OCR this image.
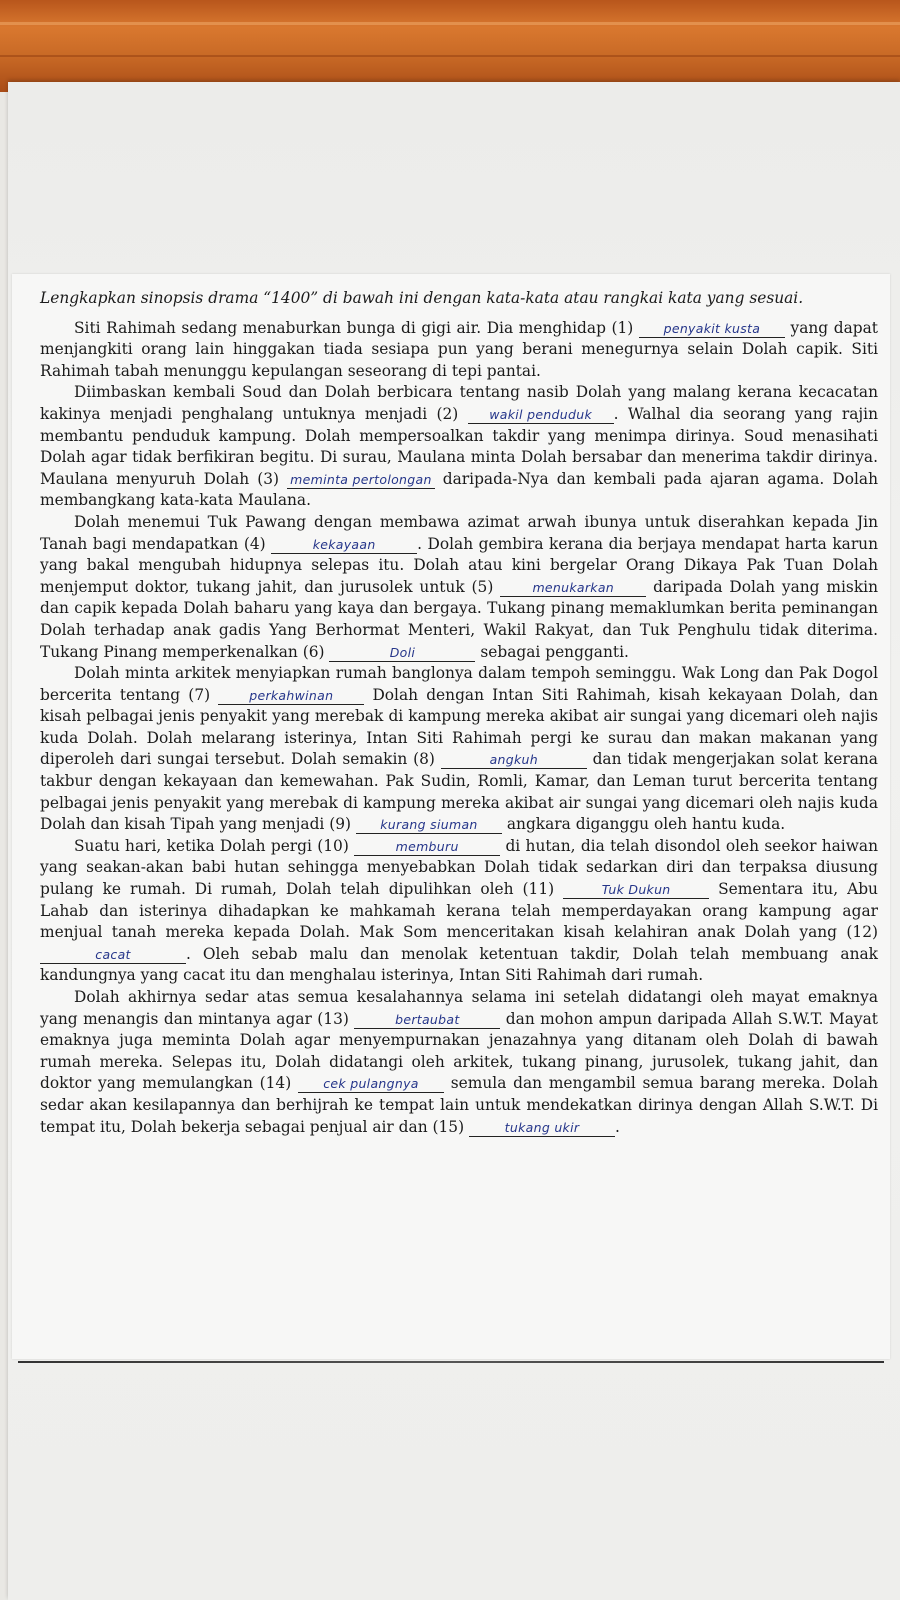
Lengkapkan sinopsis drama “1400” di bawah ini dengan kata-kata atau rangkai kata yang sesuai.

Siti Rahimah sedang menaburkan bunga di gigi air. Dia menghidap (1) penyakit kusta yang dapat menjangkiti orang lain hinggakan tiada sesiapa pun yang berani menegurnya selain Dolah capik. Siti Rahimah tabah menunggu kepulangan seseorang di tepi pantai.

Diimbaskan kembali Soud dan Dolah berbicara tentang nasib Dolah yang malang kerana kecacatan kakinya menjadi penghalang untuknya menjadi (2) wakil penduduk . Walhal dia seorang yang rajin membantu penduduk kampung. Dolah mempersoalkan takdir yang menimpa dirinya. Soud menasihati Dolah agar tidak berfikiran begitu. Di surau, Maulana minta Dolah bersabar dan menerima takdir dirinya. Maulana menyuruh Dolah (3) meminta pertolongan daripada-Nya dan kembali pada ajaran agama. Dolah membangkang kata-kata Maulana.

Dolah menemui Tuk Pawang dengan membawa azimat arwah ibunya untuk diserahkan kepada Jin Tanah bagi mendapatkan (4)	kekayaan	. Dolah gembira kerana dia berjaya mendapat harta karun yang bakal mengubah hidupnya selepas itu. Dolah atau kini bergelar Orang Dikaya Pak Tuan Dolah menjemput doktor, tukang jahit, dan jurusolek untuk (5)	menukarkan	daripada Dolah yang miskin dan capik kepada Dolah baharu yang kaya dan bergaya. Tukang pinang memaklumkan berita peminangan Dolah terhadap anak gadis Yang Berhormat Menteri, Wakil Rakyat, dan Tuk Penghulu tidak diterima. Tukang Pinang memperkenalkan (6)	Doli	sebagai pengganti.

Dolah minta arkitek menyiapkan rumah banglonya dalam tempoh seminggu. Wak Long dan Pak Dogol bercerita tentang (7)	perkahwinan	Dolah dengan Intan Siti Rahimah, kisah kekayaan Dolah, dan kisah pelbagai jenis penyakit yang merebak di kampung mereka akibat air sungai yang dicemari oleh najis kuda Dolah. Dolah melarang isterinya, Intan Siti Rahimah pergi ke surau dan makan makanan yang diperoleh dari sungai tersebut. Dolah semakin (8)	angkuh	dan tidak mengerjakan solat kerana takbur dengan kekayaan dan kemewahan. Pak Sudin, Romli, Kamar, dan Leman turut bercerita tentang pelbagai jenis penyakit yang merebak di kampung mereka akibat air sungai yang dicemari oleh najis kuda Dolah dan kisah Tipah yang menjadi (9) kurang siuman angkara diganggu oleh hantu kuda.

Suatu hari, ketika Dolah pergi (10)	memburu	di hutan, dia telah disondol oleh seekor haiwan yang seakan-akan babi hutan sehingga menyebabkan Dolah tidak sedarkan diri dan terpaksa diusung pulang ke rumah. Di rumah, Dolah telah dipulihkan oleh (11)	Tuk Dukun	Sementara itu, Abu Lahab dan isterinya dihadapkan ke mahkamah kerana telah memperdayakan orang kampung agar menjual tanah mereka kepada Dolah. Mak Som menceritakan kisah kelahiran anak Dolah yang (12) cacat	. Oleh sebab malu dan menolak ketentuan takdir, Dolah telah membuang anak kandungnya yang cacat itu dan menghalau isterinya, Intan Siti Rahimah dari rumah.

Dolah akhirnya sedar atas semua kesalahannya selama ini setelah didatangi oleh mayat emaknya yang menangis dan mintanya agar (13)	bertaubat	dan mohon ampun daripada Allah S.W.T. Mayat emaknya juga meminta Dolah agar menyempurnakan jenazahnya yang ditanam oleh Dolah di bawah rumah mereka. Selepas itu, Dolah didatangi oleh arkitek, tukang pinang, jurusolek, tukang jahit, dan doktor yang memulangkan (14)	cek pulangnya semula dan mengambil semua barang mereka. Dolah sedar akan kesilapannya dan berhijrah ke tempat lain untuk mendekatkan dirinya dengan Allah S.W.T. Di tempat itu, Dolah bekerja sebagai penjual air dan (15)	tukang ukir .
